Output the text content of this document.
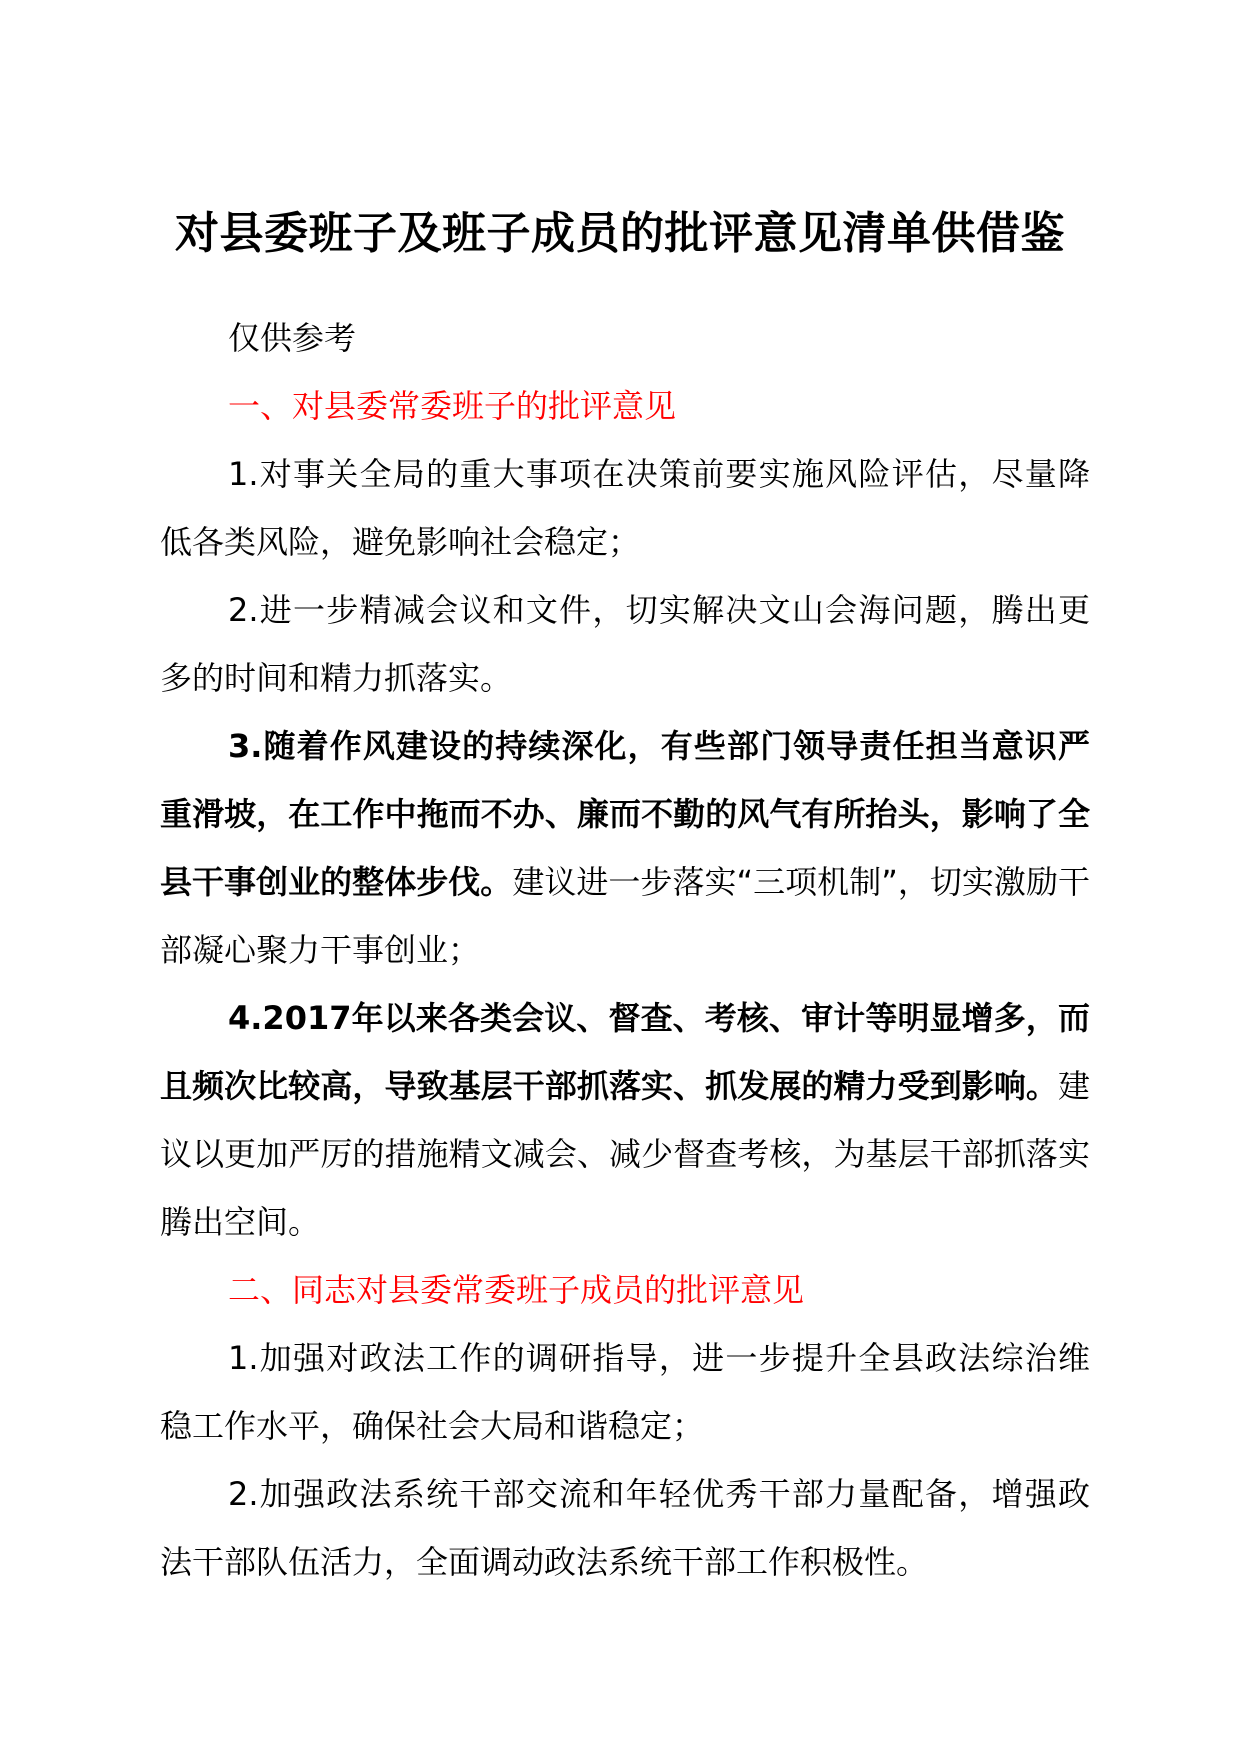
对县委班子及班子成员的批评意见清单供借鉴

仅供参考

一、对县委常委班子的批评意见

1.对事关全局的重大事项在决策前要实施风险评估，尽量降低各类风险，避免影响社会稳定；

2.进一步精减会议和文件，切实解决文山会海问题，腾出更多的时间和精力抓落实。

3.随着作风建设的持续深化，有些部门领导责任担当意识严重滑坡，在工作中拖而不办、廉而不勤的风气有所抬头，影响了全县干事创业的整体步伐。建议进一步落实“三项机制”，切实激励干部凝心聚力干事创业；

4.2017年以来各类会议、督查、考核、审计等明显增多，而且频次比较高，导致基层干部抓落实、抓发展的精力受到影响。建议以更加严厉的措施精文减会、减少督查考核，为基层干部抓落实腾出空间。

二、同志对县委常委班子成员的批评意见

1.加强对政法工作的调研指导，进一步提升全县政法综治维稳工作水平，确保社会大局和谐稳定；

2.加强政法系统干部交流和年轻优秀干部力量配备，增强政法干部队伍活力，全面调动政法系统干部工作积极性。
